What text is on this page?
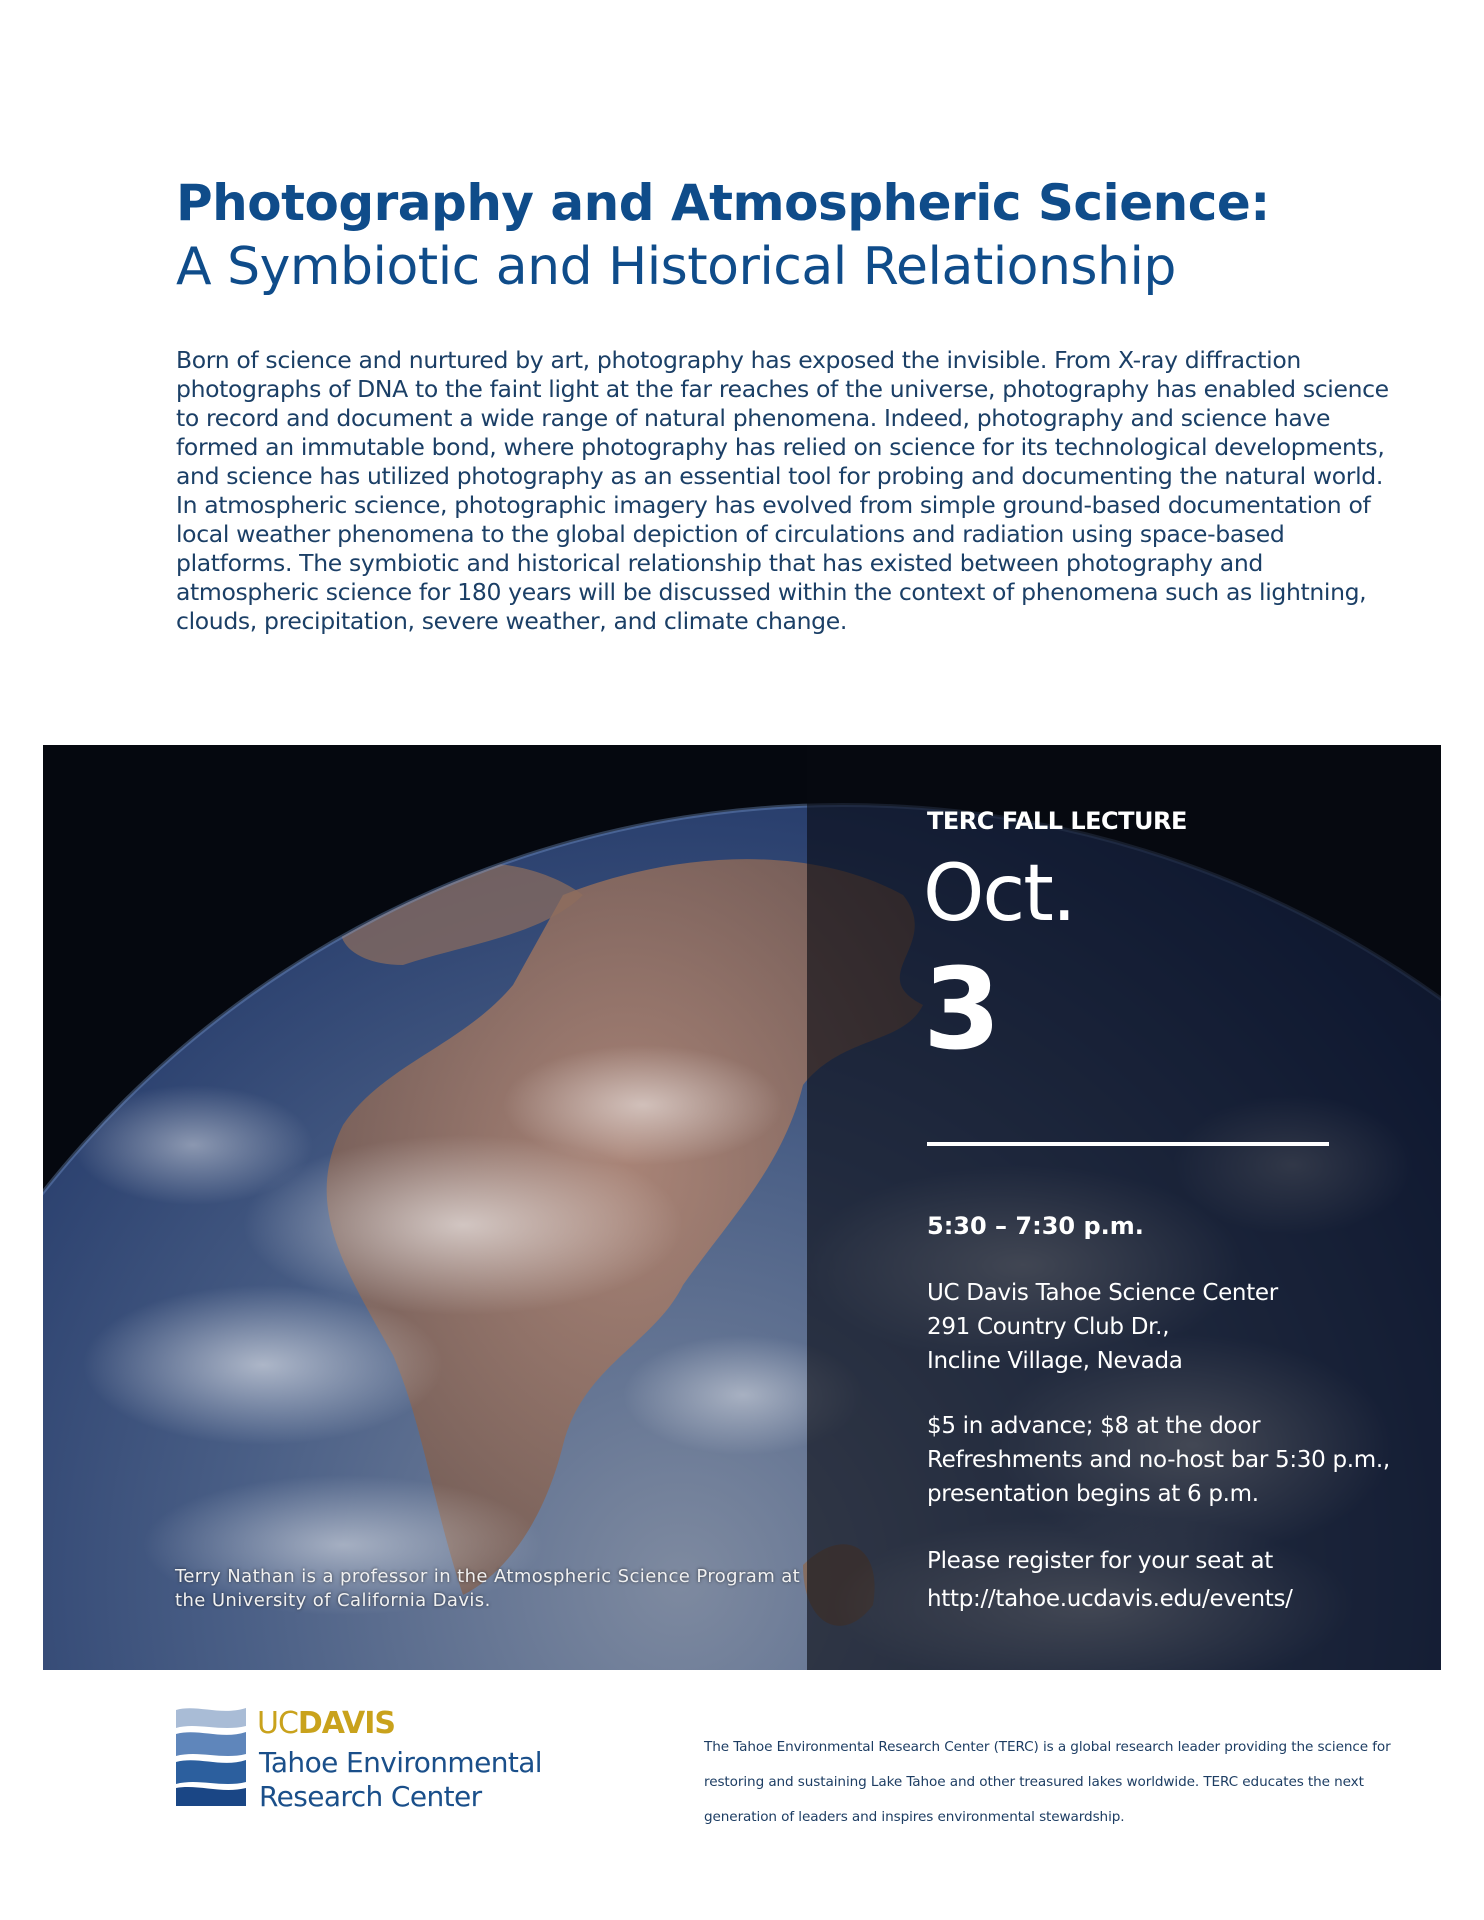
Photography and Atmospheric Science:
A Symbiotic and Historical Relationship

Born of science and nurtured by art, photography has exposed the invisible. From X-ray diffraction photographs of DNA to the faint light at the far reaches of the universe, photography has enabled science to record and document a wide range of natural phenomena. Indeed, photography and science have formed an immutable bond, where photography has relied on science for its technological developments, and science has utilized photography as an essential tool for probing and documenting the natural world. In atmospheric science, photographic imagery has evolved from simple ground-based documentation of local weather phenomena to the global depiction of circulations and radiation using space-based platforms. The symbiotic and historical relationship that has existed between photography and atmospheric science for 180 years will be discussed within the context of phenomena such as lightning, clouds, precipitation, severe weather, and climate change.

Terry Nathan is a professor in the Atmospheric Science Program at the University of California Davis.
TERC FALL LECTURE
Oct.
3
5:30 – 7:30 p.m.
UC Davis Tahoe Science Center
291 Country Club Dr.,
Incline Village, Nevada
$5 in advance; $8 at the door
Refreshments and no-host bar 5:30 p.m.,
presentation begins at 6 p.m.
Please register for your seat at
http://tahoe.ucdavis.edu/events/
UCDAVIS
Tahoe Environmental
Research Center

The Tahoe Environmental Research Center (TERC) is a global research leader providing the science for restoring and sustaining Lake Tahoe and other treasured lakes worldwide. TERC educates the next generation of leaders and inspires environmental stewardship.
